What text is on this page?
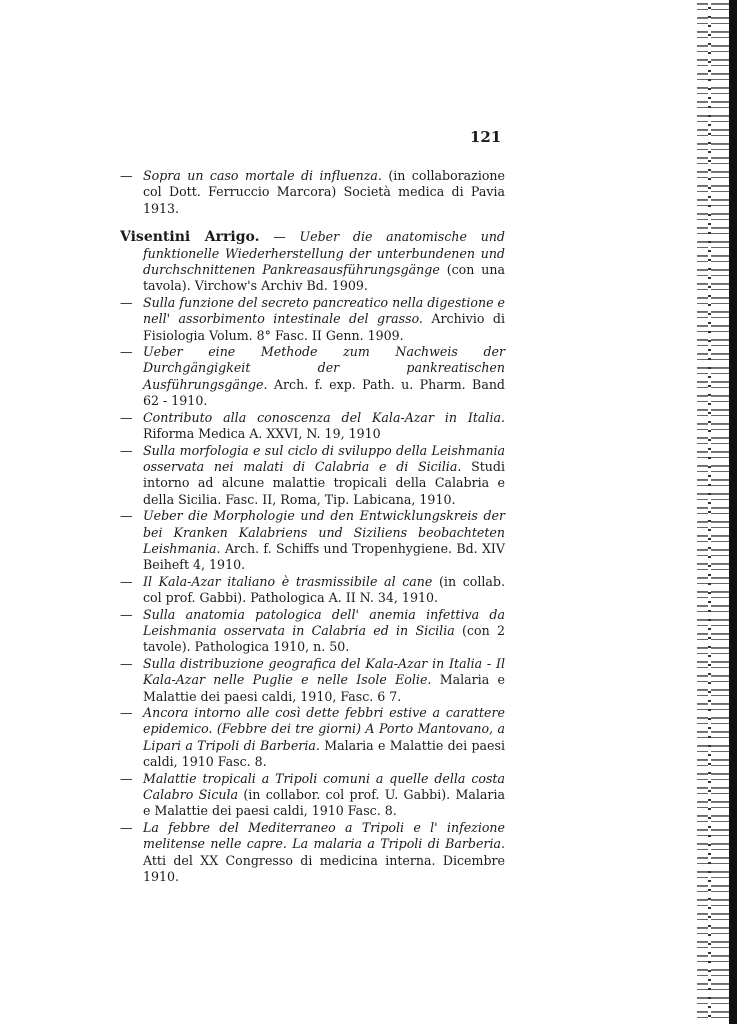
121
— Sopra un caso mortale di influenza. (in collaborazione col Dott. Ferruccio Marcora) Società medica di Pavia 1913.
Visentini Arrigo. — Ueber die anatomische und funktionelle Wiederherstellung der unterbundenen und durchschnittenen Pankreasausführungsgänge (con una tavola). Virchow's Archiv Bd. 1909.
— Sulla funzione del secreto pancreatico nella digestione e nell' assorbimento intestinale del grasso. Archivio di Fisiologia Volum. 8° Fasc. II Genn. 1909.
— Ueber eine Methode zum Nachweis der Durchgängigkeit der pankreatischen Ausführungsgänge. Arch. f. exp. Path. u. Pharm. Band 62 - 1910.
— Contributo alla conoscenza del Kala-Azar in Italia. Riforma Medica A. XXVI, N. 19, 1910
— Sulla morfologia e sul ciclo di sviluppo della Leishmania osservata nei malati di Calabria e di Sicilia. Studi intorno ad alcune malattie tropicali della Calabria e della Sicilia. Fasc. II, Roma, Tip. Labicana, 1910.
— Ueber die Morphologie und den Entwicklungskreis der bei Kranken Kalabriens und Siziliens beobachteten Leishmania. Arch. f. Schiffs und Tropenhygiene. Bd. XIV Beiheft 4, 1910.
— Il Kala-Azar italiano è trasmissibile al cane (in collab. col prof. Gabbi). Pathologica A. II N. 34, 1910.
— Sulla anatomia patologica dell' anemia infettiva da Leishmania osservata in Calabria ed in Sicilia (con 2 tavole). Pathologica 1910, n. 50.
— Sulla distribuzione geografica del Kala-Azar in Italia - Il Kala-Azar nelle Puglie e nelle Isole Eolie. Malaria e Malattie dei paesi caldi, 1910, Fasc. 6 7.
— Ancora intorno alle così dette febbri estive a carattere epidemico. (Febbre dei tre giorni) A Porto Mantovano, a Lipari a Tripoli di Barberia. Malaria e Malattie dei paesi caldi, 1910 Fasc. 8.
— Malattie tropicali a Tripoli comuni a quelle della costa Calabro Sicula (in collabor. col prof. U. Gabbi). Malaria e Malattie dei paesi caldi, 1910 Fasc. 8.
— La febbre del Mediterraneo a Tripoli e l' infezione melitense nelle capre. La malaria a Tripoli di Barberia. Atti del XX Congresso di medicina interna. Dicembre 1910.
